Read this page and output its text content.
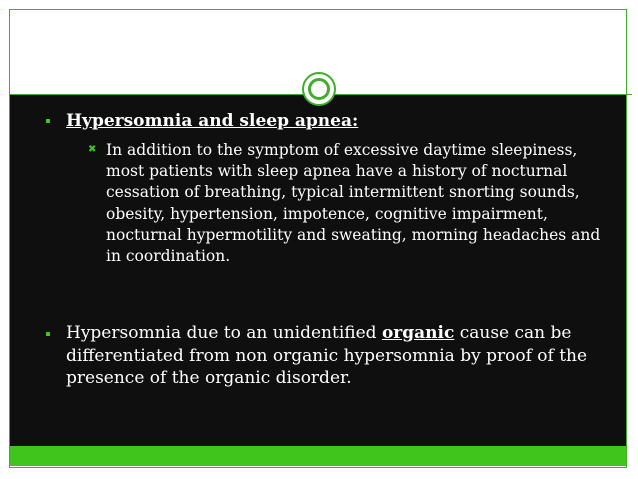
Hypersomnia and sleep apnea:
✖ In addition to the symptom of excessive daytime sleepiness, most patients with sleep apnea have a history of nocturnal cessation of breathing, typical intermittent snorting sounds, obesity, hypertension, impotence, cognitive impairment, nocturnal hypermotility and sweating, morning headaches and in coordination.
Hypersomnia due to an unidentified organic cause can be differentiated from non organic hypersomnia by proof of the presence of the organic disorder.
